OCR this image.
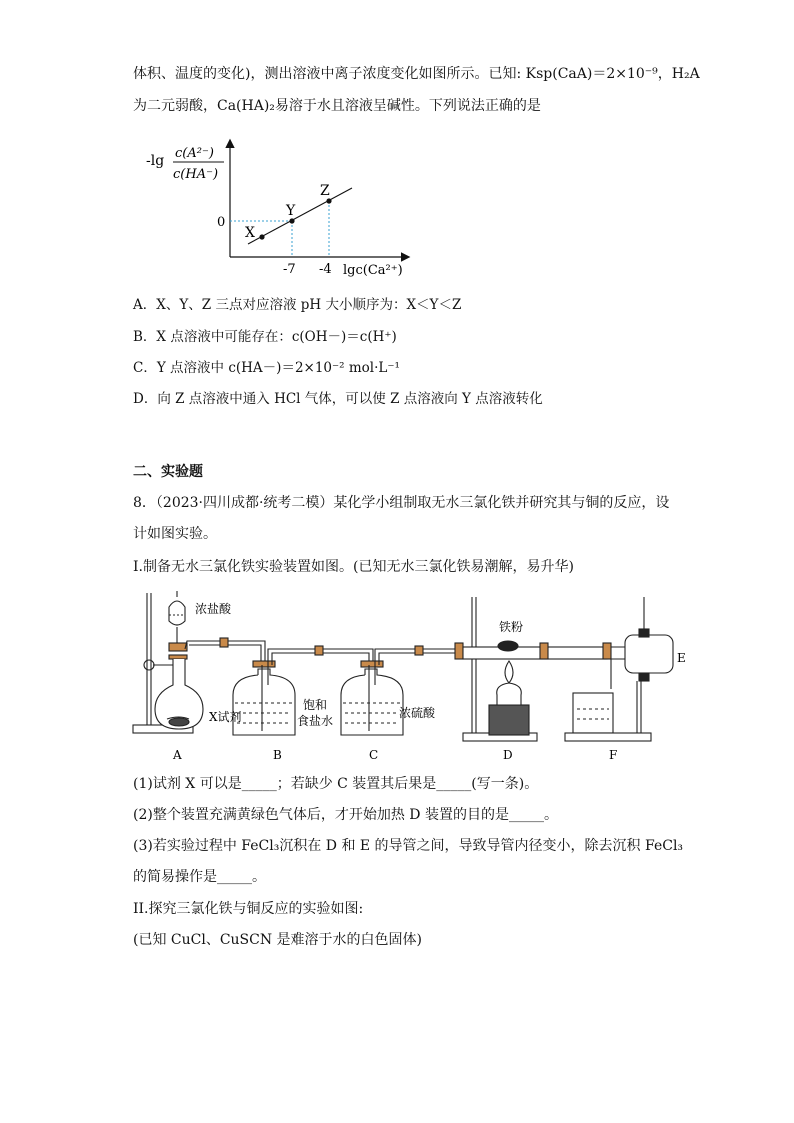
体积、温度的变化)，测出溶液中离子浓度变化如图所示。已知: Ksp(CaA)＝2×10⁻⁹，H₂A
为二元弱酸，Ca(HA)₂易溶于水且溶液呈碱性。下列说法正确的是
-lg c(A²⁻)
c(HA⁻)
X
Y
Z
0
-7 -4 lgc(Ca²⁺)
A．X、Y、Z 三点对应溶液 pH 大小顺序为：X＜Y＜Z
B．X 点溶液中可能存在：c(OH－)＝c(H⁺)
C．Y 点溶液中 c(HA－)＝2×10⁻² mol·L⁻¹
D．向 Z 点溶液中通入 HCl 气体，可以使 Z 点溶液向 Y 点溶液转化
二、实验题
8．（2023·四川成都·统考二模）某化学小组制取无水三氯化铁并研究其与铜的反应，设
计如图实验。
I.制备无水三氯化铁实验装置如图。(已知无水三氯化铁易潮解，易升华)
浓盐酸
X试剂
饱和
食盐水
浓硫酸
铁粉
E
A	B	C	D	F
(1)试剂 X 可以是_____；若缺少 C 装置其后果是_____(写一条)。
(2)整个装置充满黄绿色气体后，才开始加热 D 装置的目的是_____。
(3)若实验过程中 FeCl₃沉积在 D 和 E 的导管之间，导致导管内径变小，除去沉积 FeCl₃
的简易操作是_____。
II.探究三氯化铁与铜反应的实验如图:
(已知 CuCl、CuSCN 是难溶于水的白色固体)
